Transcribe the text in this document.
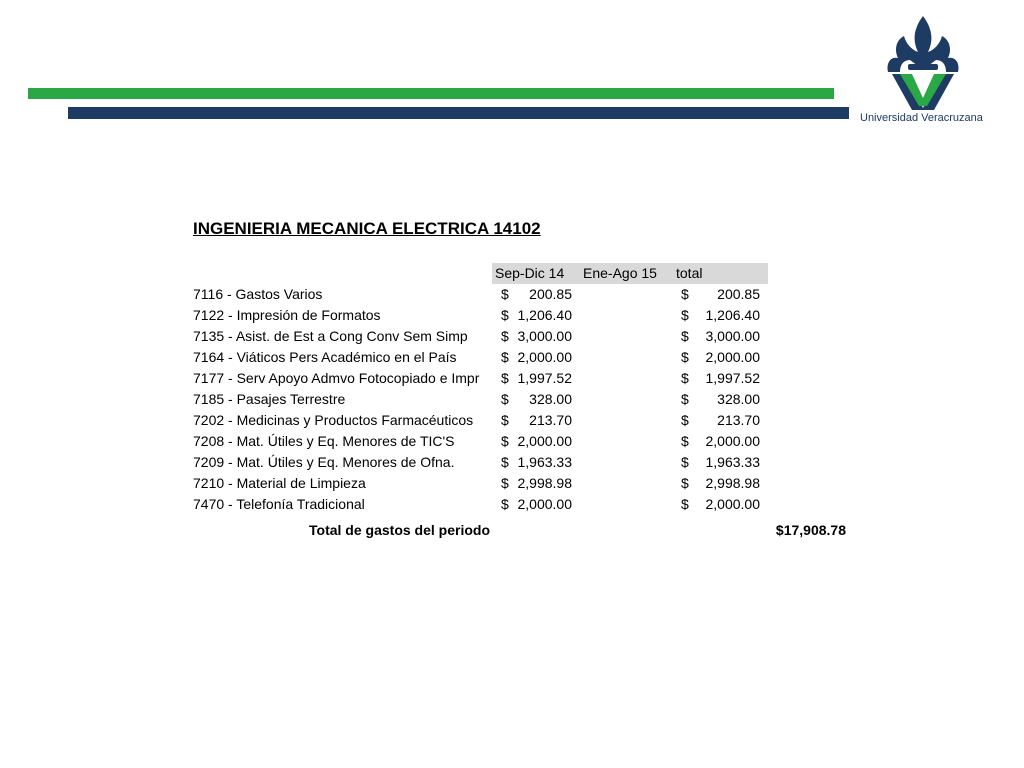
Universidad Veracruzana
INGENIERIA MECANICA ELECTRICA 14102
Sep-Dic 14 Ene-Ago 15 total
7116 - Gastos Varios	$	200.85	$	200.85
7122 - Impresión de Formatos	$ 1,206.40	$	1,206.40
7135 - Asist. de Est a Cong Conv Sem Simp	$ 3,000.00	$	3,000.00
7164 - Viáticos Pers Académico en el País	$ 2,000.00	$	2,000.00
7177 - Serv Apoyo Admvo Fotocopiado e Impr	$ 1,997.52	$	1,997.52
7185 - Pasajes Terrestre	$	328.00	$	328.00
7202 - Medicinas y Productos Farmacéuticos	$	213.70	$	213.70
7208 - Mat. Útiles y Eq. Menores de TIC'S	$ 2,000.00	$	2,000.00
7209 - Mat. Útiles y Eq. Menores de Ofna.	$ 1,963.33	$	1,963.33
7210 - Material de Limpieza	$ 2,998.98	$	2,998.98
7470 - Telefonía Tradicional	$ 2,000.00	$	2,000.00
Total de gastos del periodo	$17,908.78
